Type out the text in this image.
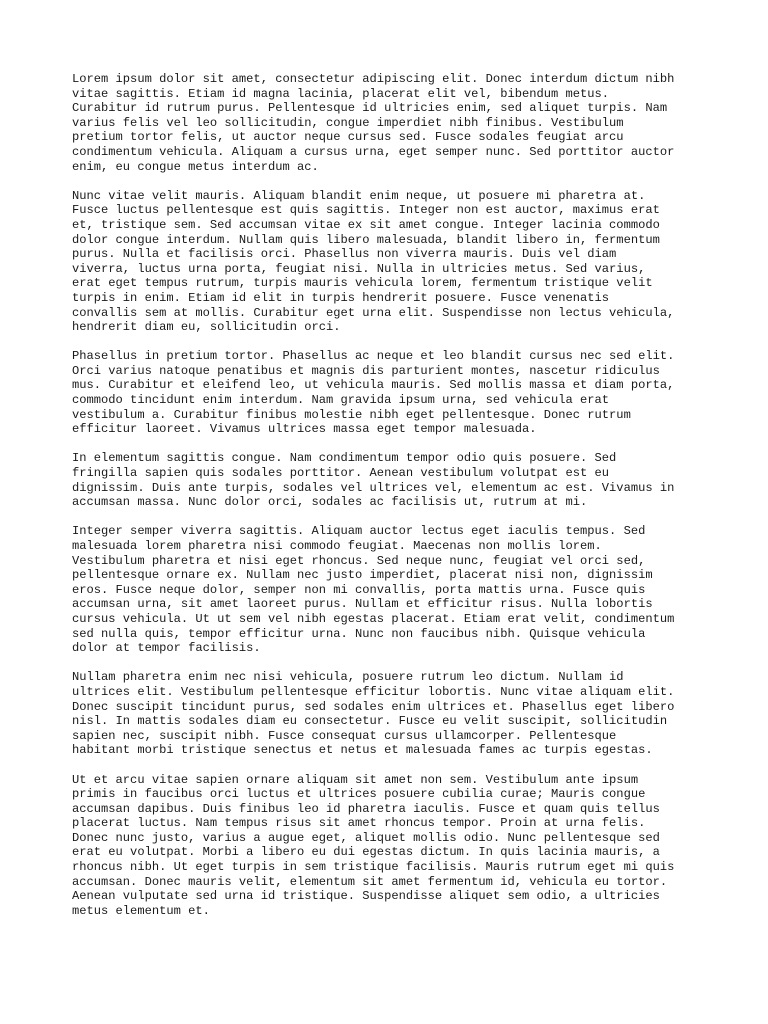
Lorem ipsum dolor sit amet, consectetur adipiscing elit. Donec interdum dictum nibh
vitae sagittis. Etiam id magna lacinia, placerat elit vel, bibendum metus.
Curabitur id rutrum purus. Pellentesque id ultricies enim, sed aliquet turpis. Nam
varius felis vel leo sollicitudin, congue imperdiet nibh finibus. Vestibulum
pretium tortor felis, ut auctor neque cursus sed. Fusce sodales feugiat arcu
condimentum vehicula. Aliquam a cursus urna, eget semper nunc. Sed porttitor auctor
enim, eu congue metus interdum ac.

Nunc vitae velit mauris. Aliquam blandit enim neque, ut posuere mi pharetra at.
Fusce luctus pellentesque est quis sagittis. Integer non est auctor, maximus erat
et, tristique sem. Sed accumsan vitae ex sit amet congue. Integer lacinia commodo
dolor congue interdum. Nullam quis libero malesuada, blandit libero in, fermentum
purus. Nulla et facilisis orci. Phasellus non viverra mauris. Duis vel diam
viverra, luctus urna porta, feugiat nisi. Nulla in ultricies metus. Sed varius,
erat eget tempus rutrum, turpis mauris vehicula lorem, fermentum tristique velit
turpis in enim. Etiam id elit in turpis hendrerit posuere. Fusce venenatis
convallis sem at mollis. Curabitur eget urna elit. Suspendisse non lectus vehicula,
hendrerit diam eu, sollicitudin orci.

Phasellus in pretium tortor. Phasellus ac neque et leo blandit cursus nec sed elit.
Orci varius natoque penatibus et magnis dis parturient montes, nascetur ridiculus
mus. Curabitur et eleifend leo, ut vehicula mauris. Sed mollis massa et diam porta,
commodo tincidunt enim interdum. Nam gravida ipsum urna, sed vehicula erat
vestibulum a. Curabitur finibus molestie nibh eget pellentesque. Donec rutrum
efficitur laoreet. Vivamus ultrices massa eget tempor malesuada.

In elementum sagittis congue. Nam condimentum tempor odio quis posuere. Sed
fringilla sapien quis sodales porttitor. Aenean vestibulum volutpat est eu
dignissim. Duis ante turpis, sodales vel ultrices vel, elementum ac est. Vivamus in
accumsan massa. Nunc dolor orci, sodales ac facilisis ut, rutrum at mi.

Integer semper viverra sagittis. Aliquam auctor lectus eget iaculis tempus. Sed
malesuada lorem pharetra nisi commodo feugiat. Maecenas non mollis lorem.
Vestibulum pharetra et nisi eget rhoncus. Sed neque nunc, feugiat vel orci sed,
pellentesque ornare ex. Nullam nec justo imperdiet, placerat nisi non, dignissim
eros. Fusce neque dolor, semper non mi convallis, porta mattis urna. Fusce quis
accumsan urna, sit amet laoreet purus. Nullam et efficitur risus. Nulla lobortis
cursus vehicula. Ut ut sem vel nibh egestas placerat. Etiam erat velit, condimentum
sed nulla quis, tempor efficitur urna. Nunc non faucibus nibh. Quisque vehicula
dolor at tempor facilisis.

Nullam pharetra enim nec nisi vehicula, posuere rutrum leo dictum. Nullam id
ultrices elit. Vestibulum pellentesque efficitur lobortis. Nunc vitae aliquam elit.
Donec suscipit tincidunt purus, sed sodales enim ultrices et. Phasellus eget libero
nisl. In mattis sodales diam eu consectetur. Fusce eu velit suscipit, sollicitudin
sapien nec, suscipit nibh. Fusce consequat cursus ullamcorper. Pellentesque
habitant morbi tristique senectus et netus et malesuada fames ac turpis egestas.

Ut et arcu vitae sapien ornare aliquam sit amet non sem. Vestibulum ante ipsum
primis in faucibus orci luctus et ultrices posuere cubilia curae; Mauris congue
accumsan dapibus. Duis finibus leo id pharetra iaculis. Fusce et quam quis tellus
placerat luctus. Nam tempus risus sit amet rhoncus tempor. Proin at urna felis.
Donec nunc justo, varius a augue eget, aliquet mollis odio. Nunc pellentesque sed
erat eu volutpat. Morbi a libero eu dui egestas dictum. In quis lacinia mauris, a
rhoncus nibh. Ut eget turpis in sem tristique facilisis. Mauris rutrum eget mi quis
accumsan. Donec mauris velit, elementum sit amet fermentum id, vehicula eu tortor.
Aenean vulputate sed urna id tristique. Suspendisse aliquet sem odio, a ultricies
metus elementum et.
